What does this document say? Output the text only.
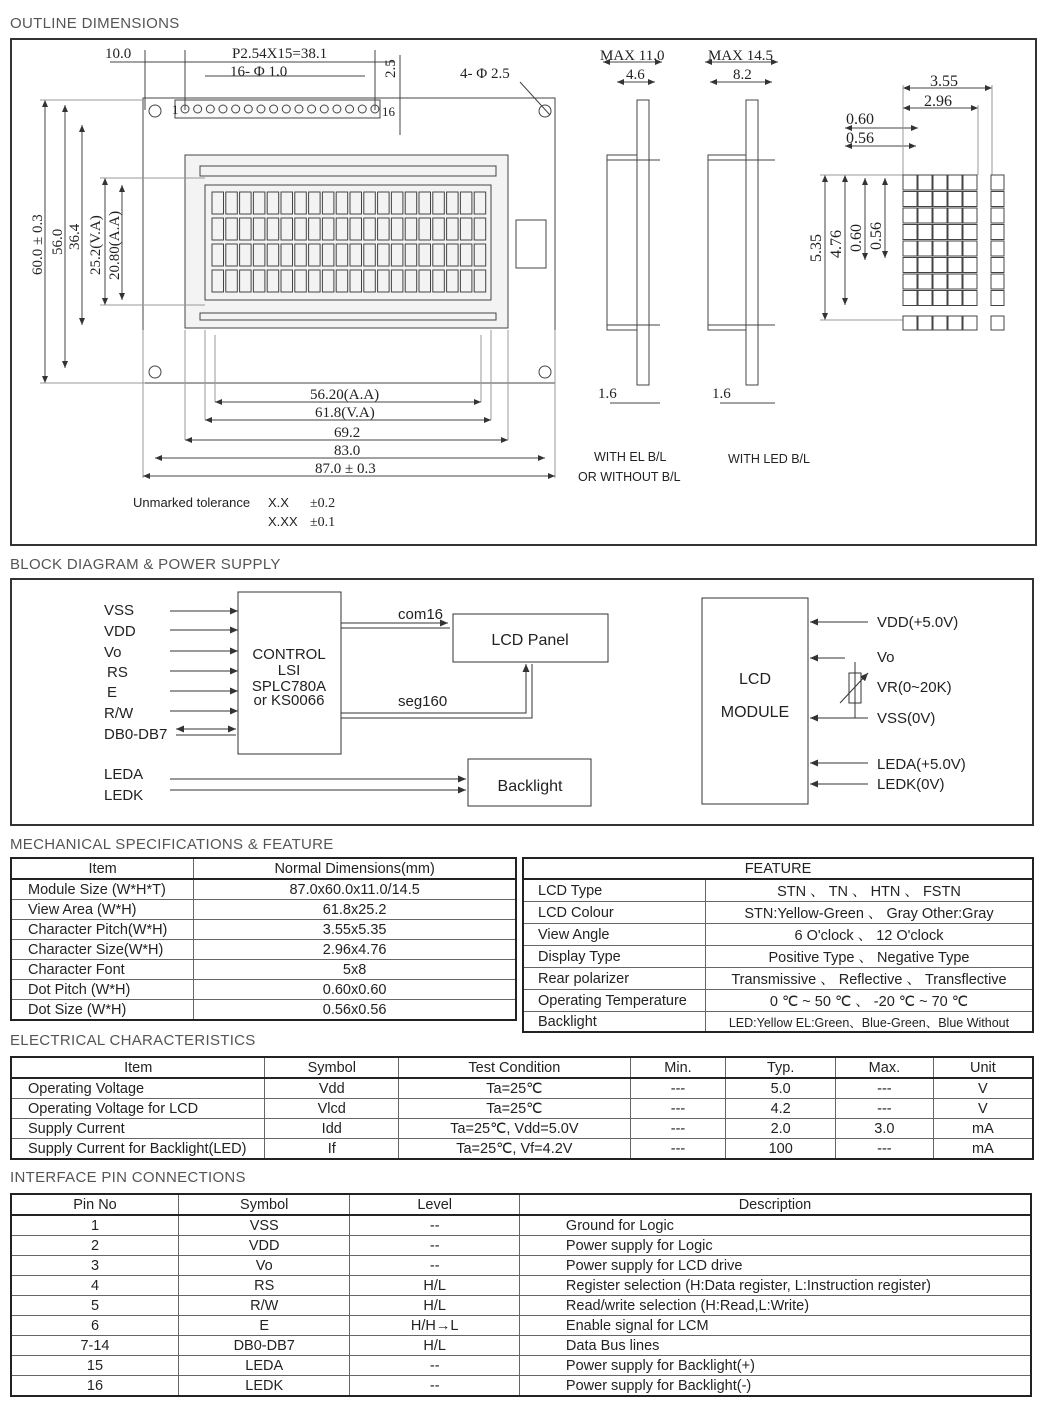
OUTLINE DIMENSIONS
10.0	P2.54X15=38.1
16- Φ 1.0	2.5	4- Φ 2.5
1	16
60.0 ± 0.3 56.0 36.4 25.2(V.A) 20.80(A.A)
56.20(A.A)
61.8(V.A)
69.2
83.0
87.0 ± 0.3
Unmarked tolerance X.X ±0.2
X.XX ±0.1
MAX 11.0
4.6
MAX 14.5
8.2
1.6	1.6
WITH EL B/L
OR WITHOUT B/L
WITH LED B/L
3.55
2.96
0.60
0.56
5.35 4.76 0.60 0.56
BLOCK DIAGRAM & POWER SUPPLY
VSS
VDD
Vo
RS
E
R/W
DB0-DB7
CONTROL
LSI
SPLC780A
or KS0066
com16
seg160
LCD Panel
LEDA
LEDK
Backlight
LCD
MODULE
VDD(+5.0V)
Vo
VR(0~20K)
VSS(0V)
LEDA(+5.0V)
LEDK(0V)
MECHANICAL SPECIFICATIONS & FEATURE
Item	Normal Dimensions(mm)
Module Size (W*H*T)	87.0x60.0x11.0/14.5
View Area (W*H)	61.8x25.2
Character Pitch(W*H)	3.55x5.35
Character Size(W*H)	2.96x4.76
Character Font	5x8
Dot Pitch (W*H)	0.60x0.60
Dot Size (W*H)	0.56x0.56
FEATURE	
LCD Type	STN 、 TN 、 HTN 、 FSTN
LCD Colour	STN:Yellow-Green 、 Gray Other:Gray
View Angle	6 O'clock 、 12 O'clock
Display Type	Positive Type 、 Negative Type
Rear polarizer	Transmissive 、 Reflective 、 Transflective
Operating Temperature	0 ℃ ~ 50 ℃ 、 -20 ℃ ~ 70 ℃
Backlight	LED:Yellow EL:Green、Blue-Green、Blue Without
ELECTRICAL CHARACTERISTICS
Item	Symbol	Test Condition	Min.	Typ.	Max.	Unit
Operating Voltage	Vdd	Ta=25℃	---	5.0	---	V
Operating Voltage for LCD	Vlcd	Ta=25℃	---	4.2	---	V
Supply Current	Idd	Ta=25℃, Vdd=5.0V	---	2.0	3.0	mA
Supply Current for Backlight(LED)	If	Ta=25℃, Vf=4.2V	---	100	---	mA
INTERFACE PIN CONNECTIONS
Pin No	Symbol	Level	Description
1	VSS	--	Ground for Logic
2	VDD	--	Power supply for Logic
3	Vo	--	Power supply for LCD drive
4	RS	H/L	Register selection (H:Data register, L:Instruction register)
5	R/W	H/L	Read/write selection (H:Read,L:Write)
6	E	H/H→L	Enable signal for LCM
7-14	DB0-DB7	H/L	Data Bus lines
15	LEDA	--	Power supply for Backlight(+)
16	LEDK	--	Power supply for Backlight(-)
